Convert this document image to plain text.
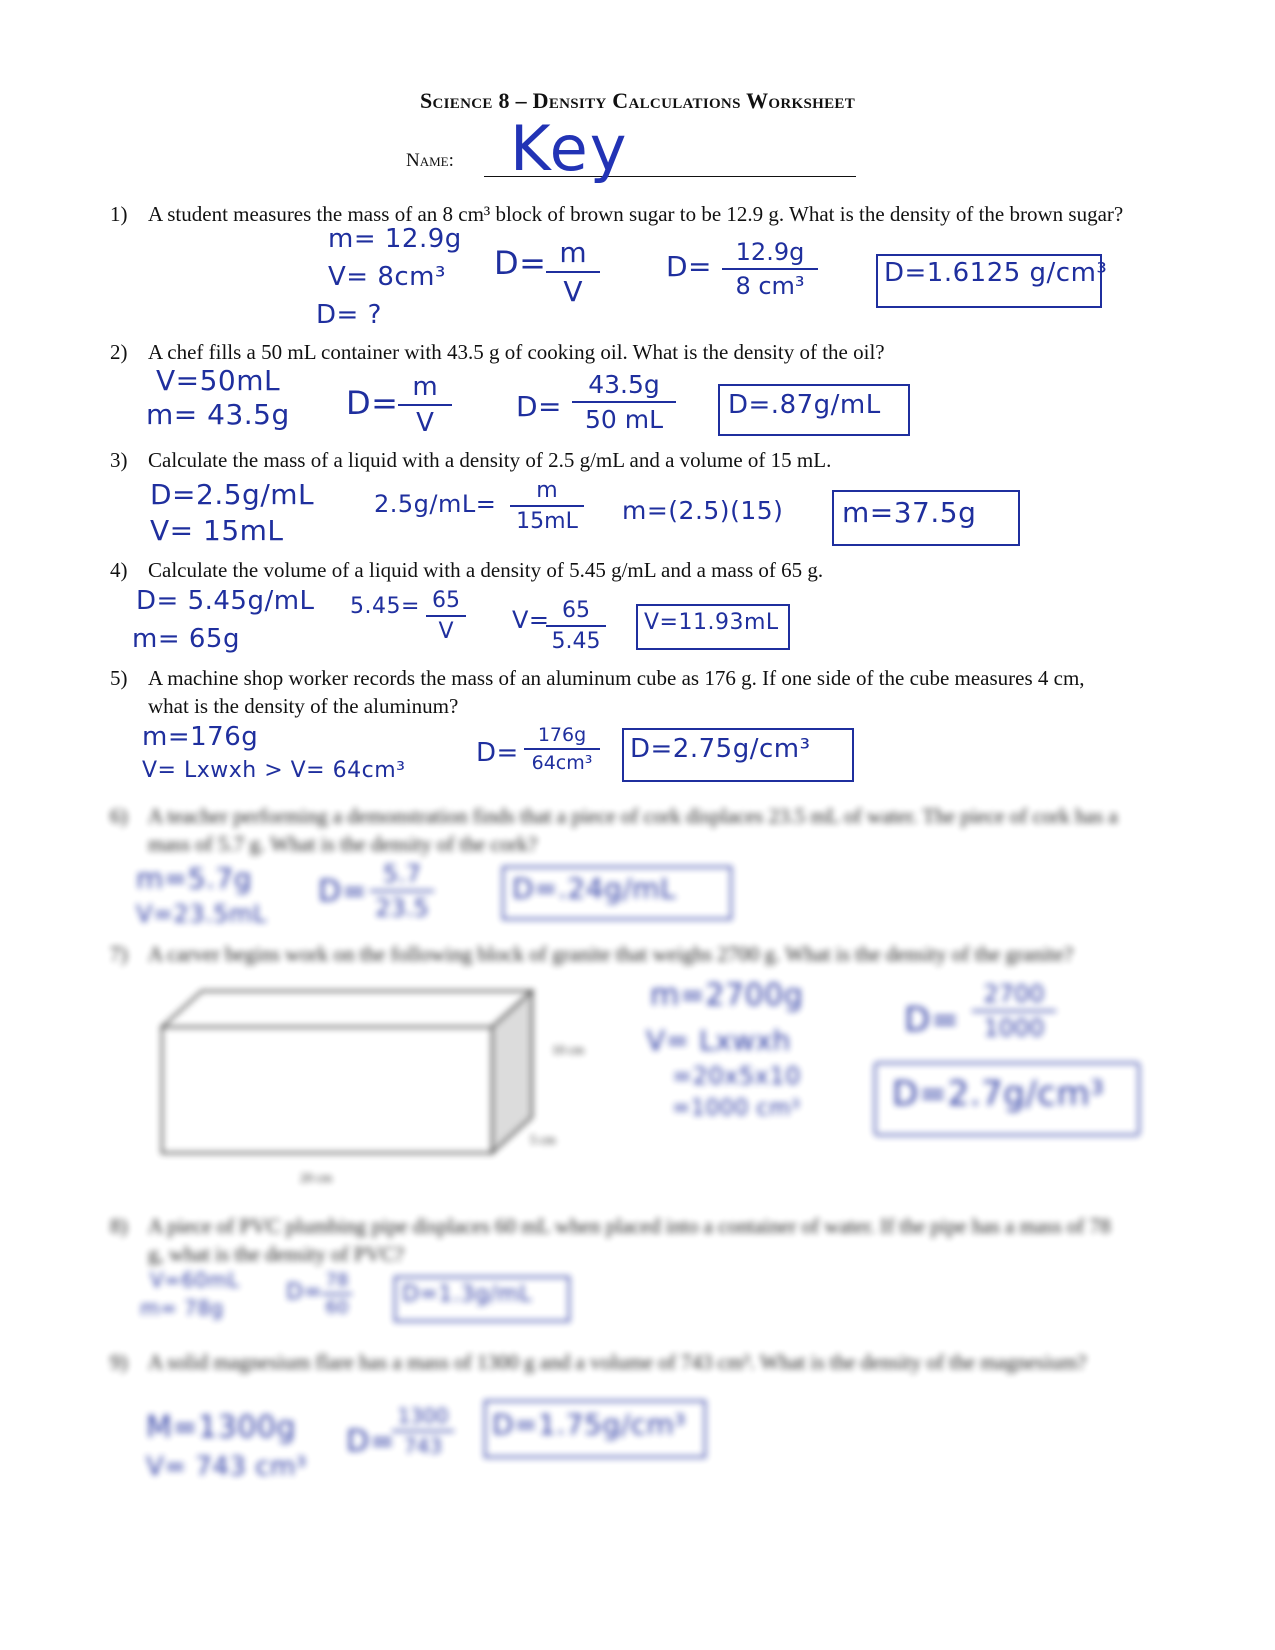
Science 8 – Density Calculations Worksheet
Name: Key
1) A student measures the mass of an 8 cm³ block of brown sugar to be 12.9 g. What is the density of the brown sugar?
m= 12.9g
V= 8cm³
D= ?
D= m
V
D= 12.9g
8 cm³	D=1.6125 g/cm³
2) A chef fills a 50 mL container with 43.5 g of cooking oil. What is the density of the oil?
V=50mL
m= 43.5g D= m
V	D=
43.5g
50 mL	D=.87g/mL
3) Calculate the mass of a liquid with a density of 2.5 g/mL and a volume of 15 mL.
D=2.5g/mL
V= 15mL
2.5g/mL=	m
15mL m=(2.5)(15) m=37.5g
4) Calculate the volume of a liquid with a density of 5.45 g/mL and a mass of 65 g.
D= 5.45g/mL
m= 65g
5.45= 65
V	V= 65
5.45
V=11.93mL
5) A machine shop worker records the mass of an aluminum cube as 176 g. If one side of the cube measures 4 cm, what is the density of the aluminum?
m=176g
V= Lxwxh > V= 64cm³
D=
176g
64cm³ D=2.75g/cm³
6) A teacher performing a demonstration finds that a piece of cork displaces 23.5 mL of water. The piece of cork has a mass of 5.7 g. What is the density of the cork?
m=5.7g
V=23.5mL
D= 5.7
23.5
D=.24g/mL
7) A carver begins work on the following block of granite that weighs 2700 g. What is the density of the granite?
10 cm
5 cm
20 cm
m=2700g
V= Lxwxh
=20x5x10
=1000 cm³
D=
2700
1000
D=2.7g/cm³
8) A piece of PVC plumbing pipe displaces 60 mL when placed into a container of water. If the pipe has a mass of 78 g, what is the density of PVC?
V=60mL
m= 78g
D= 78
60
D=1.3g/mL
9) A solid magnesium flare has a mass of 1300 g and a volume of 743 cm³. What is the density of the magnesium?
M=1300g
V= 743 cm³
D=
1300
743
D=1.75g/cm³
